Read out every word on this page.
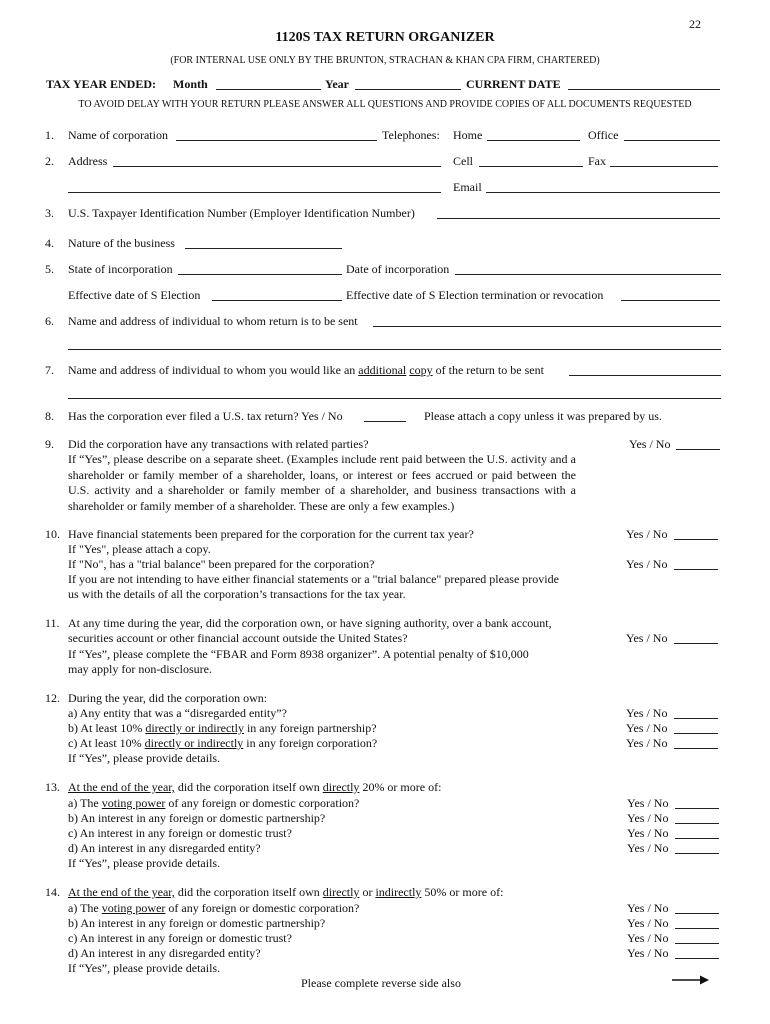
22
1120S TAX RETURN ORGANIZER
(FOR INTERNAL USE ONLY BY THE BRUNTON, STRACHAN & KHAN CPA FIRM, CHARTERED)
TAX YEAR ENDED: Month	Year	CURRENT DATE
TO AVOID DELAY WITH YOUR RETURN PLEASE ANSWER ALL QUESTIONS AND PROVIDE COPIES OF ALL DOCUMENTS REQUESTED
1. Name of corporation	Telephones: Home	Office
2. Address	Cell	Fax
Email
3. U.S. Taxpayer Identification Number (Employer Identification Number)
4. Nature of the business
5. State of incorporation	Date of incorporation
Effective date of S Election	Effective date of S Election termination or revocation
6. Name and address of individual to whom return is to be sent
7. Name and address of individual to whom you would like an additional copy of the return to be sent
8. Has the corporation ever filed a U.S. tax return? Yes / No	Please attach a copy unless it was prepared by us.
9. Did the corporation have any transactions with related parties?	Yes / No
If “Yes”, please describe on a separate sheet. (Examples include rent paid between the U.S. activity and a shareholder or family member of a shareholder, loans, or interest or fees accrued or paid between the U.S. activity and a shareholder or family member of a shareholder, and business transactions with a shareholder or family member of a shareholder. These are only a few examples.)
10. Have financial statements been prepared for the corporation for the current tax year?	Yes / No
If "Yes", please attach a copy.
If "No", has a "trial balance" been prepared for the corporation?	Yes / No
If you are not intending to have either financial statements or a "trial balance" prepared please provide
us with the details of all the corporation’s transactions for the tax year.
11. At any time during the year, did the corporation own, or have signing authority, over a bank account,
securities account or other financial account outside the United States?	Yes / No
If “Yes”, please complete the “FBAR and Form 8938 organizer”. A potential penalty of $10,000
may apply for non-disclosure.
12. During the year, did the corporation own:
a) Any entity that was a “disregarded entity”?	Yes / No
b) At least 10% directly or indirectly in any foreign partnership?	Yes / No
c) At least 10% directly or indirectly in any foreign corporation?	Yes / No
If “Yes”, please provide details.
13. At the end of the year, did the corporation itself own directly 20% or more of:
a) The voting power of any foreign or domestic corporation?	Yes / No
b) An interest in any foreign or domestic partnership?	Yes / No
c) An interest in any foreign or domestic trust?	Yes / No
d) An interest in any disregarded entity?	Yes / No
If “Yes”, please provide details.
14. At the end of the year, did the corporation itself own directly or indirectly 50% or more of:
a) The voting power of any foreign or domestic corporation?	Yes / No
b) An interest in any foreign or domestic partnership?	Yes / No
c) An interest in any foreign or domestic trust?	Yes / No
d) An interest in any disregarded entity?	Yes / No
If “Yes”, please provide details.
Please complete reverse side also
